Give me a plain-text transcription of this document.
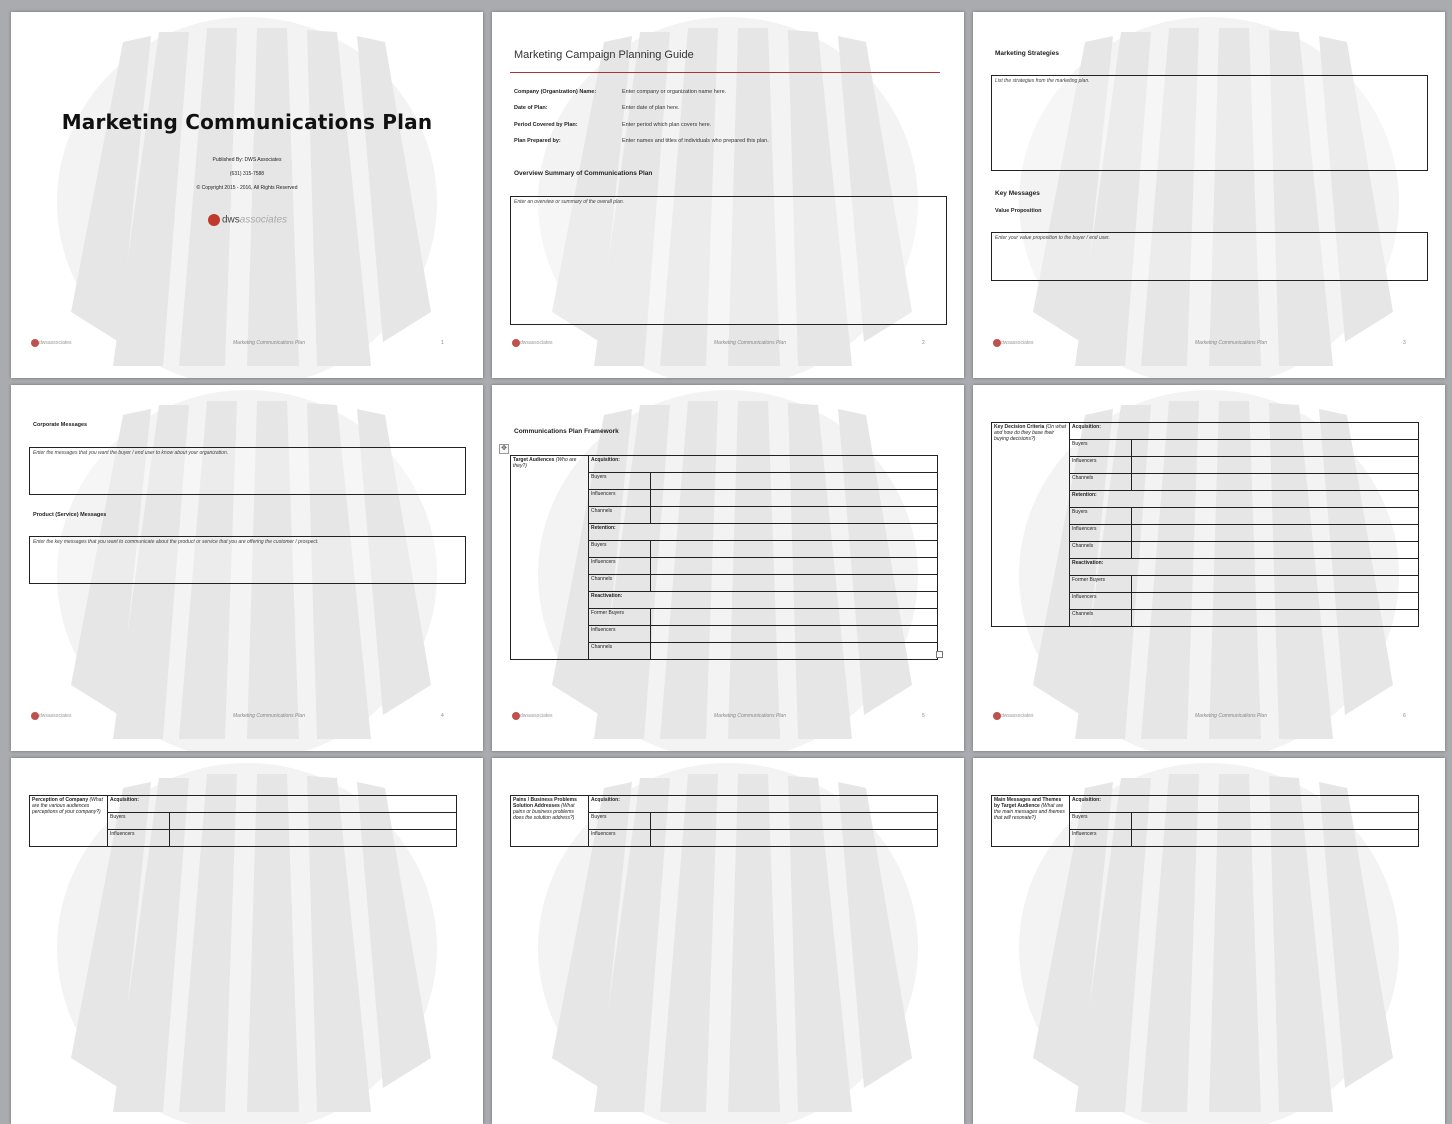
Marketing Communications Plan
Published By: DWS Associates
(631) 315-7588
© Copyright 2015 - 2016, All Rights Reserved
dwsassociates
dwsassociates	Marketing Communications Plan	1
Marketing Campaign Planning Guide
Company (Organization) Name:	Enter company or organization name here.
Date of Plan:	Enter date of plan here.
Period Covered by Plan:	Enter period which plan covers here.
Plan Prepared by:	Enter names and titles of individuals who prepared this plan.
Overview Summary of Communications Plan
Enter an overview or summary of the overall plan.
dwsassociates	Marketing Communications Plan	2
Marketing Strategies
List the strategies from the marketing plan.
Key Messages
Value Proposition
Enter your value proposition to the buyer / end user.
dwsassociates	Marketing Communications Plan	3
Corporate Messages
Enter the messages that you want the buyer / end user to know about your organization.
Product (Service) Messages
Enter the key messages that you want to communicate about the product or service that you are offering the customer / prospect.
dwsassociates	Marketing Communications Plan	4
Communications Plan Framework
✥
Target Audiences (Who are they?)	Acquisition:	
	Buyers	
	Influencers	
	Channels	
	Retention:	
	Buyers	
	Influencers	
	Channels	
	Reactivation:	
	Former Buyers	
	Influencers	
	Channels	
dwsassociates	Marketing Communications Plan	5
Key Decision Criteria (On what and how do they base their buying decisions?)	Acquisition:	
	Buyers	
	Influencers	
	Channels	
	Retention:	
	Buyers	
	Influencers	
	Channels	
	Reactivation:	
	Former Buyers	
	Influencers	
	Channels	
dwsassociates	Marketing Communications Plan	6
Perception of Company (What are the various audiences perceptions of your company?)	Acquisition:	
	Buyers	
	Influencers	
Pains / Business Problems Solution Addresses (What pains or business problems does the solution address?)	Acquisition:	
	Buyers	
	Influencers	
Main Messages and Themes by Target Audience (What are the main messages and themes that will resonate?)	Acquisition:	
	Buyers	
	Influencers	
